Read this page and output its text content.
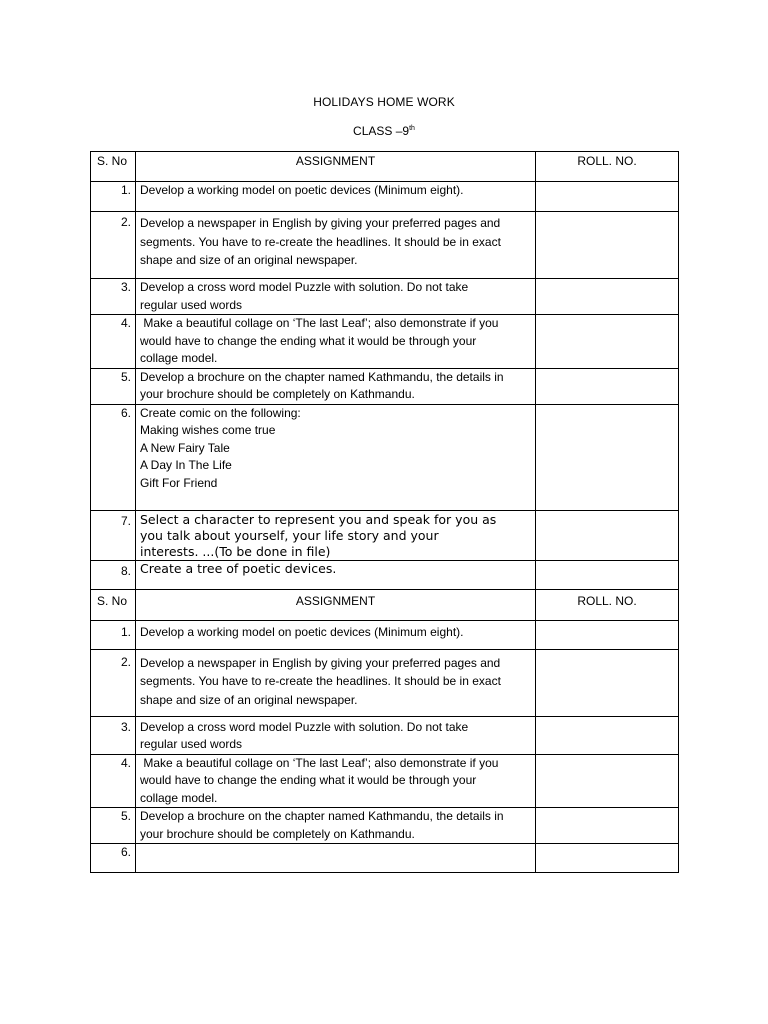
HOLIDAYS HOME WORK
CLASS –9th
S. No	ASSIGNMENT	ROLL. NO.
1.	Develop a working model on poetic devices (Minimum eight).	

2.	Develop a newspaper in English by giving your preferred pages and
segments. You have to re-create the headlines. It should be in exact
shape and size of an original newspaper.	

3.	Develop a cross word model Puzzle with solution. Do not take
regular used words	

4.	Make a beautiful collage on ‘The last Leaf’; also demonstrate if you
would have to change the ending what it would be through your
collage model.	

5.	Develop a brochure on the chapter named Kathmandu, the details in
your brochure should be completely on Kathmandu.	

6.	Create comic on the following:
Making wishes come true
A New Fairy Tale
A Day In The Life
Gift For Friend	

7.	Select a character to represent you and speak for you as
you talk about yourself, your life story and your
interests. ...(To be done in file)	

8.	Create a tree of poetic devices.	

S. No	ASSIGNMENT	ROLL. NO.
1.	Develop a working model on poetic devices (Minimum eight).	

2.	Develop a newspaper in English by giving your preferred pages and
segments. You have to re-create the headlines. It should be in exact
shape and size of an original newspaper.	

3.	Develop a cross word model Puzzle with solution. Do not take
regular used words	

4.	Make a beautiful collage on ‘The last Leaf’; also demonstrate if you
would have to change the ending what it would be through your
collage model.	

5.	Develop a brochure on the chapter named Kathmandu, the details in
your brochure should be completely on Kathmandu.	

6.		
